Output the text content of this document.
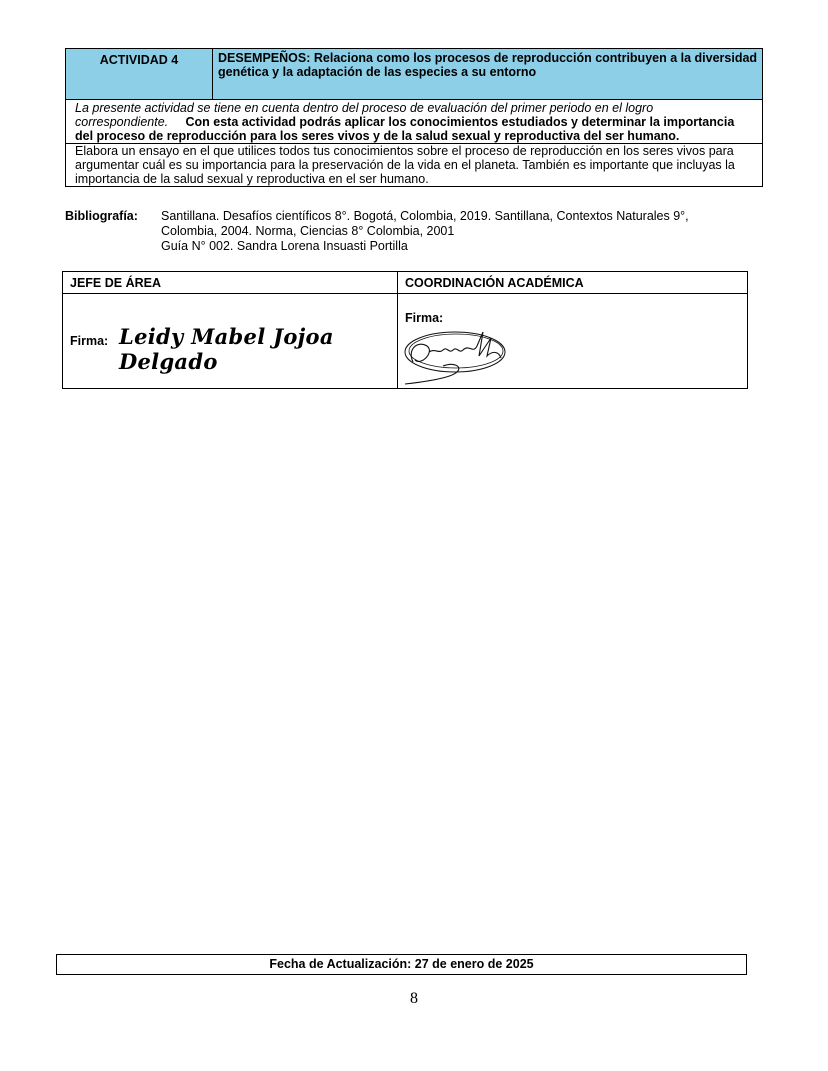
ACTIVIDAD 4	DESEMPEÑOS: Relaciona como los procesos de reproducción contribuyen a la diversidad genética y la adaptación de las especies a su entorno
La presente actividad se tiene en cuenta dentro del proceso de evaluación del primer periodo en el logro correspondiente. Con esta actividad podrás aplicar los conocimientos estudiados y determinar la importancia del proceso de reproducción para los seres vivos y de la salud sexual y reproductiva del ser humano.
Elabora un ensayo en el que utilices todos tus conocimientos sobre el proceso de reproducción en los seres vivos para argumentar cuál es su importancia para la preservación de la vida en el planeta. También es importante que incluyas la importancia de la salud sexual y reproductiva en el ser humano.
Bibliografía: Santillana. Desafíos científicos 8°. Bogotá, Colombia, 2019. Santillana, Contextos Naturales 9°,
Colombia, 2004. Norma, Ciencias 8° Colombia, 2001
Guía N° 002. Sandra Lorena Insuasti Portilla
JEFE DE ÁREA	COORDINACIÓN ACADÉMICA

Firma: Leidy Mabel Jojoa Delgado	Firma:
Fecha de Actualización: 27 de enero de 2025
8
